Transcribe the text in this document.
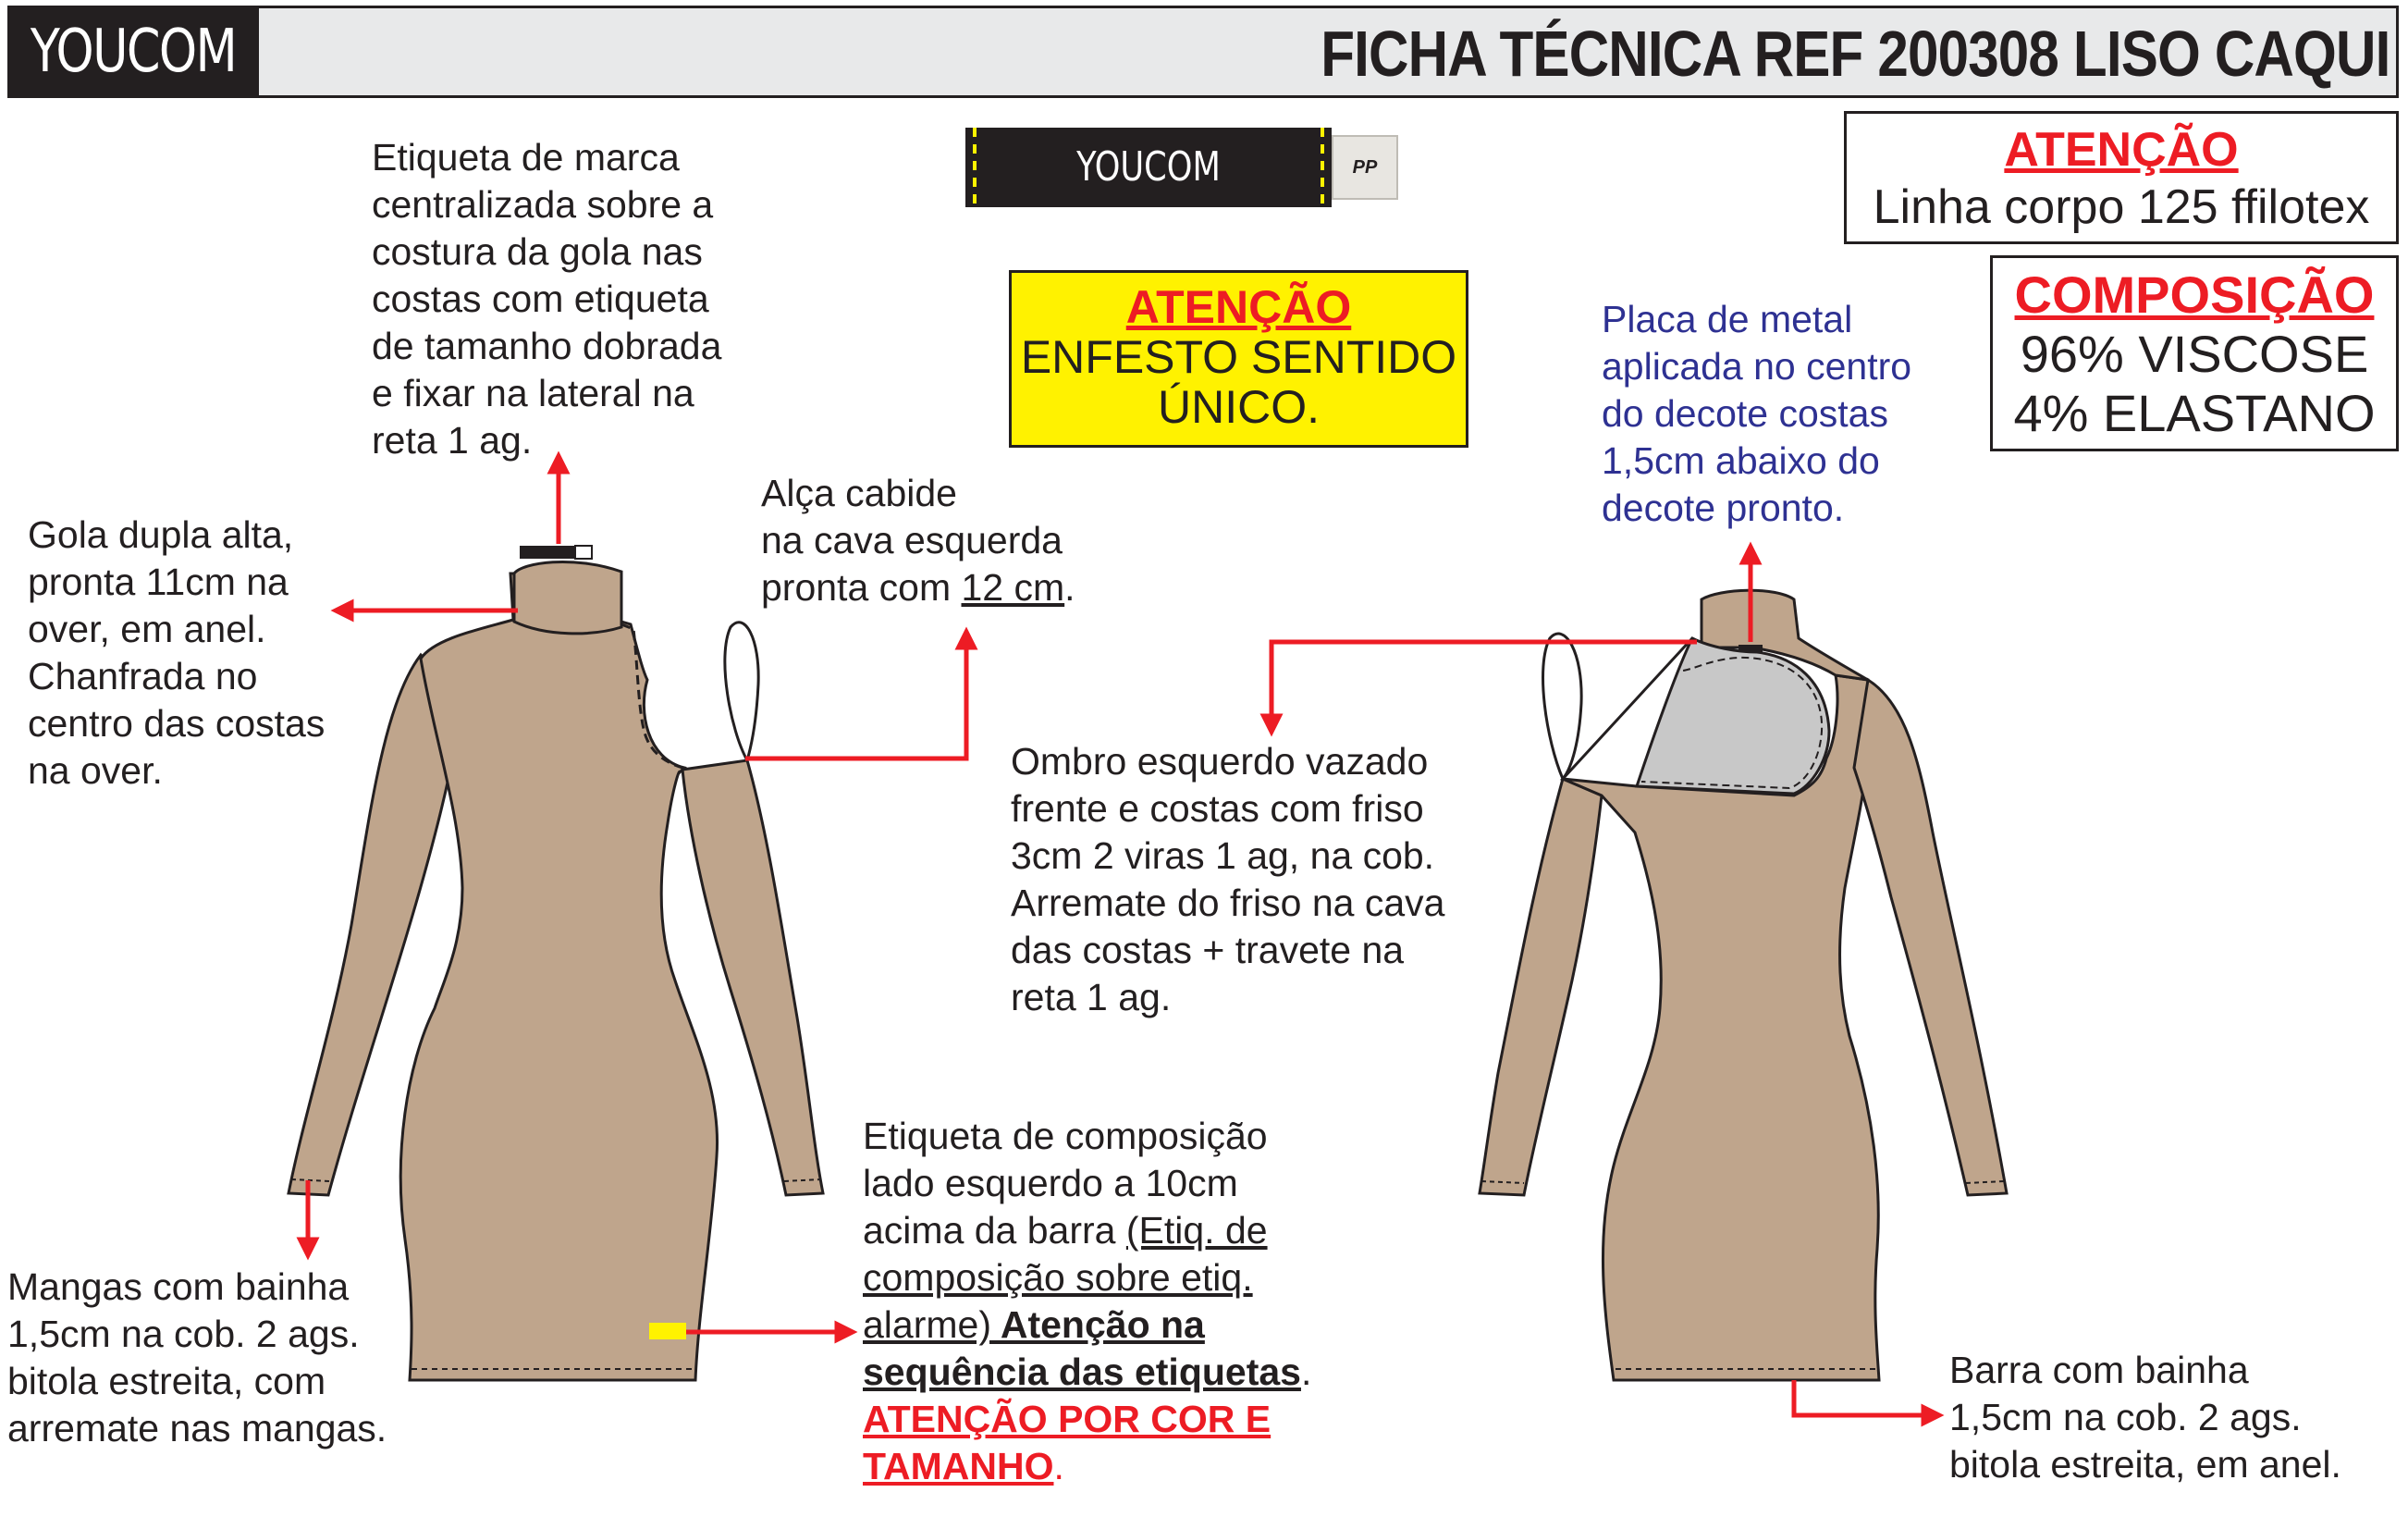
YOUCOM	FICHA TÉCNICA REF 200308 LISO CAQUI
YOUCOM	PP
ATENÇÃO
ENFESTO SENTIDO
ÚNICO.
ATENÇÃO
Linha corpo 125 ffilotex
COMPOSIÇÃO
96% VISCOSE
4% ELASTANO
Etiqueta de marca
centralizada sobre a
costura da gola nas
costas com etiqueta
de tamanho dobrada
e fixar na lateral na
reta 1 ag.
Gola dupla alta,
pronta 11cm na
over, em anel.
Chanfrada no
centro das costas
na over.
Alça cabide
na cava esquerda
pronta com 12 cm.
Placa de metal
aplicada no centro
do decote costas
1,5cm abaixo do
decote pronto.
Ombro esquerdo vazado
frente e costas com friso
3cm 2 viras 1 ag, na cob.
Arremate do friso na cava
das costas + travete na
reta 1 ag.
Mangas com bainha
1,5cm na cob. 2 ags.
bitola estreita, com
arremate nas mangas.
Etiqueta de composição
lado esquerdo a 10cm
acima da barra (Etiq. de
composição sobre etiq.
alarme) Atenção na
sequência das etiquetas.
ATENÇÃO POR COR E
TAMANHO.
Barra com bainha
1,5cm na cob. 2 ags.
bitola estreita, em anel.
